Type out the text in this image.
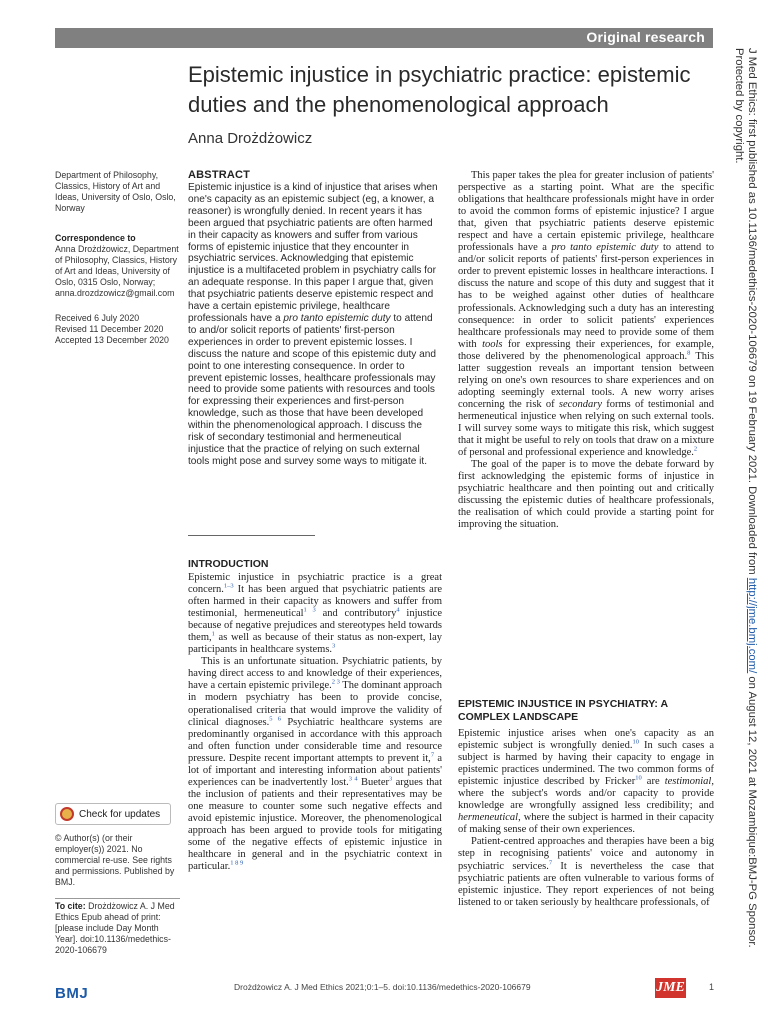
Original research
Epistemic injustice in psychiatric practice: epistemic duties and the phenomenological approach
Anna Drożdżowicz
Department of Philosophy, Classics, History of Art and Ideas, University of Oslo, Oslo, Norway
Correspondence to
Anna Drożdżowicz, Department of Philosophy, Classics, History of Art and Ideas, University of Oslo, 0315 Oslo, Norway; anna.drozdzowicz@gmail.com
Received 6 July 2020
Revised 11 December 2020
Accepted 13 December 2020
Check for updates
© Author(s) (or their employer(s)) 2021. No commercial re-use. See rights and permissions. Published by BMJ.
To cite: Drożdżowicz A. J Med Ethics Epub ahead of print: [please include Day Month Year]. doi:10.1136/medethics-2020-106679
ABSTRACT

Epistemic injustice is a kind of injustice that arises when one's capacity as an epistemic subject (eg, a knower, a reasoner) is wrongfully denied. In recent years it has been argued that psychiatric patients are often harmed in their capacity as knowers and suffer from various forms of epistemic injustice that they encounter in psychiatric services. Acknowledging that epistemic injustice is a multifaceted problem in psychiatry calls for an adequate response. In this paper I argue that, given that psychiatric patients deserve epistemic respect and have a certain epistemic privilege, healthcare professionals have a pro tanto epistemic duty to attend to and/or solicit reports of patients' first-person experiences in order to prevent epistemic losses. I discuss the nature and scope of this epistemic duty and point to one interesting consequence. In order to prevent epistemic losses, healthcare professionals may need to provide some patients with resources and tools for expressing their experiences and first-person knowledge, such as those that have been developed within the phenomenological approach. I discuss the risk of secondary testimonial and hermeneutical injustice that the practice of relying on such external tools might pose and survey some ways to mitigate it.

INTRODUCTION

Epistemic injustice in psychiatric practice is a great concern.$^{1-3}$ It has been argued that psychiatric patients are often harmed in their capacity as knowers and suffer from testimonial, hermeneutical$^{1 3}$ and contributory$^4$ injustice because of negative prejudices and stereotypes held towards them,$^1$ as well as because of their status as non-expert, lay participants in healthcare systems.$^3$

This is an unfortunate situation. Psychiatric patients, by having direct access to and knowledge of their experiences, have a certain epistemic privilege.$^{2 3}$ The dominant approach in modern psychiatry has been to provide concise, operationalised criteria that would improve the validity of clinical diagnoses.$^{5 6}$ Psychiatric healthcare systems are predominantly organised in accordance with this approach and often function under considerable time and resource pressure. Despite recent important attempts to prevent it,$^7$ a lot of important and interesting information about patients' experiences can be inadvertently lost.$^{3 4}$ Bueter$^3$ argues that the inclusion of patients and their representatives may be one measure to counter some such negative effects and avoid epistemic injustice. Moreover, the phenomenological approach has been argued to provide tools for mitigating some of the negative effects of epistemic injustice in healthcare in general and in the psychiatric context in particular.$^{1 8 9}$

This paper takes the plea for greater inclusion of patients' perspective as a starting point. What are the specific obligations that healthcare professionals might have in order to avoid the common forms of epistemic injustice? I argue that, given that psychiatric patients deserve epistemic respect and have a certain epistemic privilege, healthcare professionals have a pro tanto epistemic duty to attend to and/or solicit reports of patients' first-person experiences in order to prevent epistemic losses in healthcare interactions. I discuss the nature and scope of this duty and suggest that it has to be weighed against other duties of healthcare professionals. Acknowledging such a duty has an interesting consequence: in order to solicit patients' experiences healthcare professionals may need to provide some of them with tools for expressing their experiences, for example, those delivered by the phenomenological approach.$^8$ This latter suggestion reveals an important tension between relying on one's own resources to share experiences and on adopting seemingly external tools. A new worry arises concerning the risk of secondary forms of testimonial and hermeneutical injustice when relying on such external tools. I will survey some ways to mitigate this risk, which suggest that it might be useful to rely on tools that draw on a mixture of personal and professional experience and knowledge.$^2$

The goal of the paper is to move the debate forward by first acknowledging the epistemic forms of injustice in psychiatric healthcare and then pointing out and critically discussing the epistemic duties of healthcare professionals, the realisation of which could provide a starting point for improving the situation.

EPISTEMIC INJUSTICE IN PSYCHIATRY: A COMPLEX LANDSCAPE

Epistemic injustice arises when one's capacity as an epistemic subject is wrongfully denied.$^{10}$ In such cases a subject is harmed by having their capacity to engage in epistemic practices undermined. The two common forms of epistemic injustice described by Fricker$^{10}$ are testimonial, where the subject's words and/or capacity to provide knowledge are wrongfully assigned less credibility; and hermeneutical, where the subject is harmed in their capacity of making sense of their own experiences.

Patient-centred approaches and therapies have been a big step in recognising patients' voice and autonomy in psychiatric services.$^7$ It is nevertheless the case that psychiatric patients are often vulnerable to various forms of epistemic injustice. They report experiences of not being listened to or taken seriously by healthcare professionals, of

BMJ	Drożdżowicz A. J Med Ethics 2021;0:1–5. doi:10.1136/medethics-2020-106679	JME	1
J Med Ethics: first published as 10.1136/medethics-2020-106679 on 19 February 2021. Downloaded from http://jme.bmj.com/ on August 12, 2021 at Mozambique:BMJ-PG Sponsor. Protected by copyright.
